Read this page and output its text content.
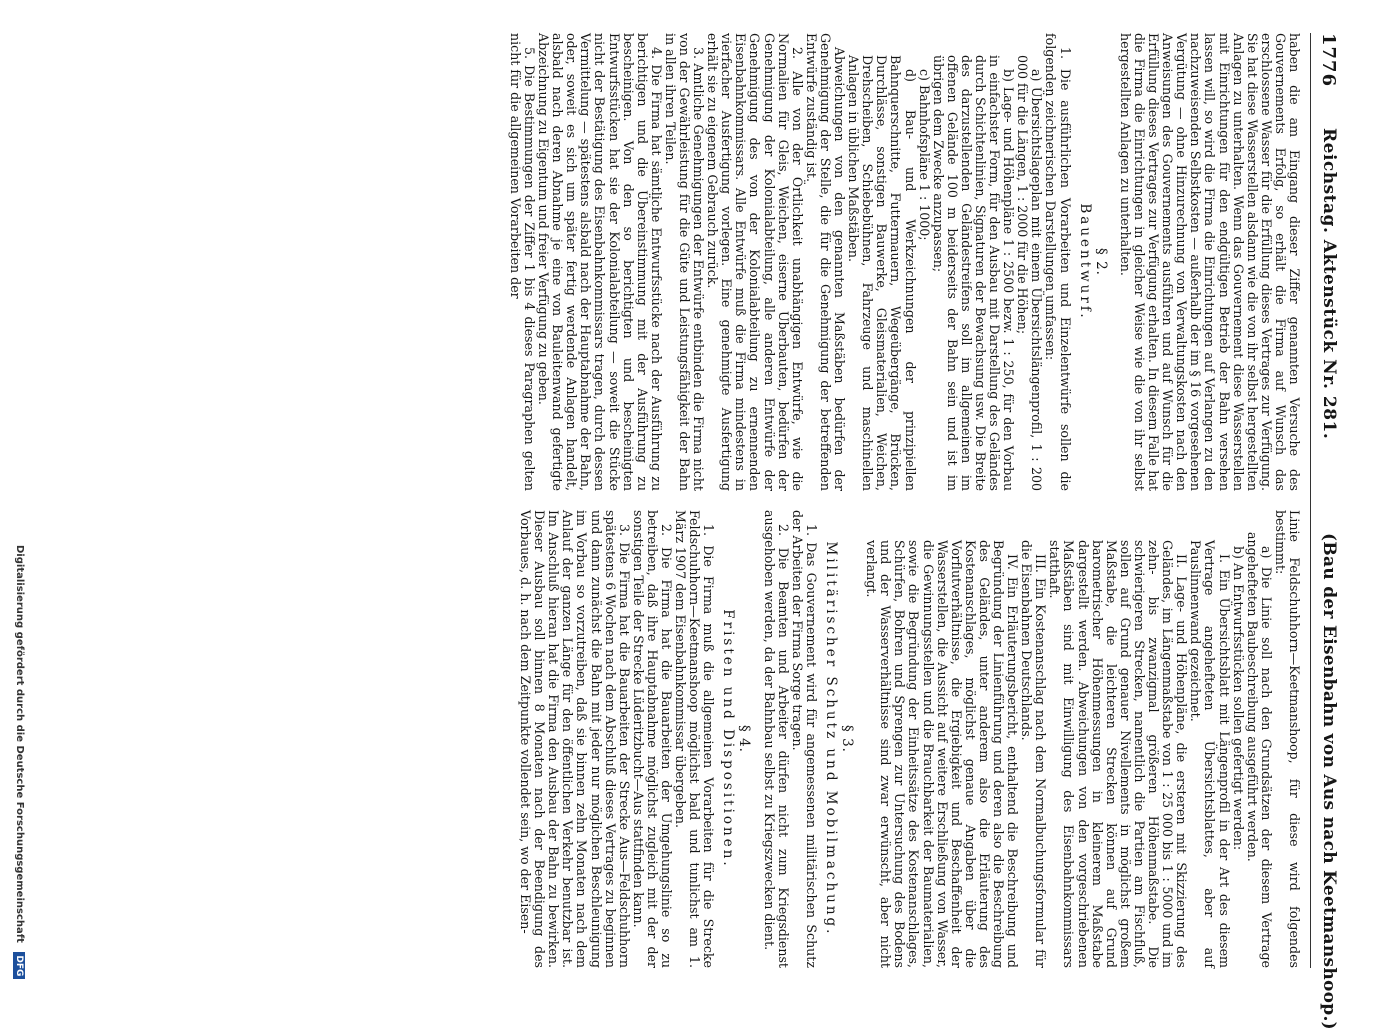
1776
Reichstag. Aktenstück Nr. 281.
(Bau der Eisenbahn von Aus nach Keetmanshoop.)

haben die am Eingang dieser Ziffer genannten Versuche des Gouvernements Erfolg, so erhält die Firma auf Wunsch das erschlossene Wasser für die Erfüllung dieses Vertrages zur Verfügung. Sie hat diese Wasserstellen alsdann wie die von ihr selbst hergestellten Anlagen zu unterhalten. Wenn das Gouvernement diese Wasserstellen mit Einrichtungen für den endgültigen Betrieb der Bahn versehen lassen will, so wird die Firma die Einrichtungen auf Verlangen zu den nachzuweisenden Selbstkosten — außerhalb der im § 16 vorgesehenen Vergütung — ohne Hinzurechnung von Verwaltungskosten nach den Anweisungen des Gouvernements ausführen und auf Wunsch für die Erfüllung dieses Vertrages zur Verfügung erhalten. In diesem Falle hat die Firma die Einrichtungen in gleicher Weise wie die von ihr selbst hergestellten Anlagen zu unterhalten.

§ 2.
Bauentwurf.

1. Die ausführlichen Vorarbeiten und Einzelentwürfe sollen die folgenden zeichnerischen Darstellungen umfassen:

a) Übersichtslageplan mit einem Übersichtslängenprofil, 1 : 200 000 für die Längen, 1 : 2000 für die Höhen;

b) Lage- und Höhenpläne 1 : 2500 bezw. 1 : 250, für den Vorbau in einfachster Form, für den Ausbau mit Darstellung des Geländes durch Schichtenlinien, Signaturen der Bewachsung usw. Die Breite des darzustellenden Geländestreifens soll im allgemeinen im offenen Gelände 100 m beiderseits der Bahn sein und ist im übrigen dem Zwecke anzupassen;

c) Bahnhofspläne 1 : 1000;

d) Bau- und Werkzeichnungen der prinzipiellen Bahnquerschnitte, Futtermauern, Wegeübergänge, Brücken, Durchlässe, sonstigen Bauwerke, Gleismaterialien, Weichen, Drehscheiben, Schiebebühnen, Fahrzeuge und maschinellen Anlagen in üblichen Maßstäben.

Abweichungen von den genannten Maßstäben bedürfen der Genehmigung der Stelle, die für die Genehmigung der betreffenden Entwürfe zuständig ist.

2. Alle von der Örtlichkeit unabhängigen Entwürfe, wie die Normalien für Gleis, Weichen, eiserne Überbauten, bedürfen der Genehmigung der Kolonialabteilung, alle anderen Entwürfe der Genehmigung des von der Kolonialabteilung zu ernennenden Eisenbahnkommissars. Alle Entwürfe muß die Firma mindestens in vierfacher Ausfertigung vorlegen. Eine genehmigte Ausfertigung erhält sie zu eigenem Gebrauch zurück.

3. Amtliche Genehmigungen der Entwürfe entbinden die Firma nicht von der Gewährleistung für die Güte und Leistungsfähigkeit der Bahn in allen ihren Teilen.

4. Die Firma hat sämtliche Entwurfsstücke nach der Ausführung zu berichtigen und die Übereinstimmung mit der Ausführung zu bescheinigen. Von den so berichtigten und bescheinigten Entwurfsstücken hat sie der Kolonialabteilung — soweit die Stücke nicht der Bestätigung des Eisenbahnkommissars tragen, durch dessen Vermittelung — spätestens alsbald nach der Hauptabnahme der Bahn, oder, soweit es sich um später fertig werdende Anlagen handelt, alsbald nach deren Abnahme je eine von Bauleitenwand gefertigte Abzeichnung zu Eigentum und freier Verfügung zu geben.

5. Die Bestimmungen der Ziffer 1 bis 4 dieses Paragraphen gelten nicht für die allgemeinen Vorarbeiten der

Linie Feldschuhhorn—Keetmanshoop, für diese wird folgendes bestimmt:

a) Die Linie soll nach den Grundsätzen der diesem Vertrage angehefteten Baubeschreibung ausgeführt werden.

b) An Entwurfsstücken sollen gefertigt werden:

I. Ein Übersichtsblatt mit Längenprofil in der Art des diesem Vertrage angehefteten Übersichtsblattes, aber auf Pauslinnenwand gezeichnet.

II. Lage- und Höhenpläne, die ersteren mit Skizzierung des Geländes, im Längenmaßstabe von 1 : 25 000 bis 1 : 5000 und im zehn- bis zwanzigmal größeren Höhenmaßstabe. Die schwierigeren Strecken, namentlich die Partien am Fischfluß, sollen auf Grund genauer Nivellements in möglichst großem Maßstabe, die leichteren Strecken können auf Grund barometrischer Höhenmessungen in kleinerem Maßstabe dargestellt werden. Abweichungen von den vorgeschriebenen Maßstäben sind mit Einwilligung des Eisenbahnkommissars statthaft.

III. Ein Kostenanschlag nach dem Normalbuchungsformular für die Eisenbahnen Deutschlands.

IV. Ein Erläuterungsbericht, enthaltend die Beschreibung und Begründung der Linienführung und deren also die Beschreibung des Geländes, unter anderem also die Erläuterung des Kostenanschlages, möglichst genaue Angaben über die Vorflutverhältnisse, die Ergiebigkeit und Beschaffenheit der Wasserstellen, die Aussicht auf weitere Erschließung von Wasser, die Gewinnungsstellen und die Brauchbarkeit der Baumaterialien, sowie die Begründung der Einheitssätze des Kostenanschlages, Schürfen, Bohren und Sprengen zur Untersuchung des Bodens und der Wasserverhältnisse sind zwar erwünscht, aber nicht verlangt.

§ 3.
Militärischer Schutz und Mobilmachung.

1. Das Gouvernement wird für angemessenen militärischen Schutz der Arbeiten der Firma Sorge tragen.

2. Die Beamten und Arbeiter dürfen nicht zum Kriegsdienst ausgehoben werden, da der Bahnbau selbst zu Kriegszwecken dient.

§ 4.
Fristen und Dispositionen.

1. Die Firma muß die allgemeinen Vorarbeiten für die Strecke Feldschuhhorn—Keetmanshoop möglichst bald und tunlichst am 1. März 1907 dem Eisenbahnkommissar übergeben.

2. Die Firma hat die Bauarbeiten der Umgehungslinie so zu betreiben, daß ihre Hauptabnahme möglichst zugleich mit der der sonstigen Teile der Strecke Lüderitzbucht—Aus stattfinden kann.

3. Die Firma hat die Bauarbeiten der Strecke Aus—Feldschuhhorn spätestens 6 Wochen nach dem Abschluß dieses Vertrages zu beginnen und dann zunächst die Bahn mit jeder nur möglichen Beschleunigung im Vorbau so vorzutreiben, daß sie binnen zehn Monaten nach dem Anlauf der ganzen Länge für den öffentlichen Verkehr benutzbar ist. Im Anschluß hieran hat die Firma den Ausbau der Bahn zu bewirken. Dieser Ausbau soll binnen 8 Monaten nach der Beendigung des Vorbaues, d. h. nach dem Zeitpunkte vollendet sein, wo der Eisen-

Digitalisierung gefördert durch die Deutsche Forschungsgemeinschaft DFG
